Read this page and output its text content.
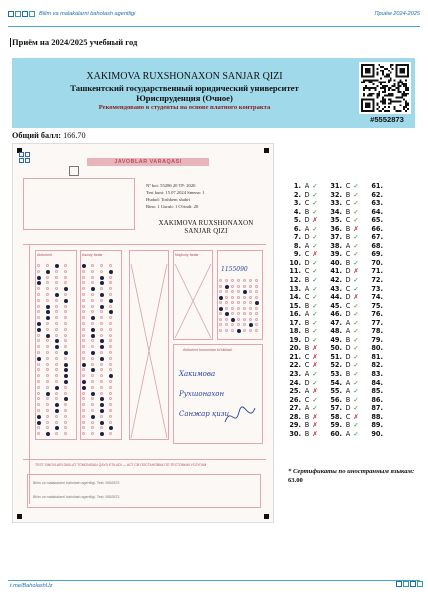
Bilim va malakalarni baholash agentligi	Приём 2024-2025
Приём на 2024/2025 учебный год
XAKIMOVA RUXSHONAXON SANJAR QIZI
Ташкентский государственный юридический университет
Юриспруденция (Очное)
Рекомендовано в студенты на основе платного контракта
#5552873
Общий балл: 166.70
JAVOBLAR VARAQASI
Nº bot: 55286 20 TP: 2020
Test kuni: 15.07.2024 Smena: 1
Hudud: Toshkent shahri
Bino: 1 Guruh: 1 O'rindi: 20
XAKIMOVA RUXSHONAXON
SANJAR QIZI
Abiturient	Asosiy fanlar	Majburiy fanlar
1155090
Abiturient tomonidan to'ldiriladi
Хакимова
Рухшонахон
Санжар қизи
TEST SINOVLARI DAVLAT TOMONIDAN QAYD ETILADI — ACT CB ПОСТАНОВКА ПО ТЕСТОВЫМ УСЛУГАМ
Bilim va malakalarni baholash agentligi, Test: 5552873
Bilim va malakalarni baholash agentligi, Test: 5552873
1. A ✓
2. D ✓
3. C ✓
4. B ✓
5. D ✗
6. A ✓
7. D ✓
8. A ✓
9. C ✗
10. D ✓
11. C ✓
12. B ✓
13. A ✓
14. C ✓
15. B ✓
16. A ✓
17. B ✓
18. B ✓
19. D ✓
20. B ✗
21. C ✗
22. C ✗
23. A ✓
24. D ✓
25. A ✗
26. C ✓
27. A ✓
28. B ✗
29. B ✗
30. B ✗
31. C ✓
32. B ✓
33. C ✓
34. B ✓
35. C ✓
36. B ✗
37. B ✓
38. A ✓
39. C ✓
40. B ✓
41. D ✗
42. D ✓
43. C ✓
44. D ✗
45. C ✓
46. D ✓
47. A ✓
48. A ✓
49. B ✓
50. D ✓
51. D ✓
52. D ✓
53. B ✓
54. A ✓
55. A ✓
56. B ✓
57. D ✓
58. C ✗
59. B ✓
60. A ✓
61.
62.
63.
64.
65.
66.
67.
68.
69.
70.
71.
72.
73.
74.
75.
76.
77.
78.
79.
80.
81.
82.
83.
84.
85.
86.
87.
88.
89.
90.
* Сертификаты по иностранным языкам: 63.00
t.me/BaholashUz
